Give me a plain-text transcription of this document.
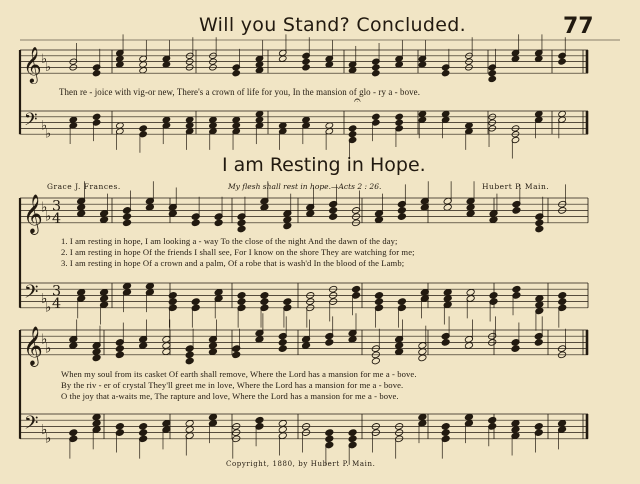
𝄞
𝄢
♭
♭
♭
♭
𝄞
𝄢
♭
♭
♭
♭
3
4
3
4
𝄞
𝄢
♭
♭
♭
♭
𝄐
Will you Stand? Concluded.	77
Then re - joice with vig-or new, There's a crown of life for you, In the mansion of glo - ry a - bove.
I am Resting in Hope.
Grace J. Frances.	My flesh shall rest in hope.—Acts 2 : 26.	Hubert P. Main.
1. I am resting in hope, I am looking a - way To the close of the night And the dawn of the day;
2. I am resting in hope Of the friends I shall see, For I know on the shore They are watching for me;
3. I am resting in hope Of a crown and a palm, Of a robe that is wash'd In the blood of the Lamb;
When my soul from its casket Of earth shall remove, Where the Lord has a mansion for me a - bove.
By the riv - er of crystal They'll greet me in love, Where the Lord has a mansion for me a - bove.
O the joy that a-waits me, The rapture and love, Where the Lord has a mansion for me a - bove.
Copyright, 1880, by Hubert P. Main.
